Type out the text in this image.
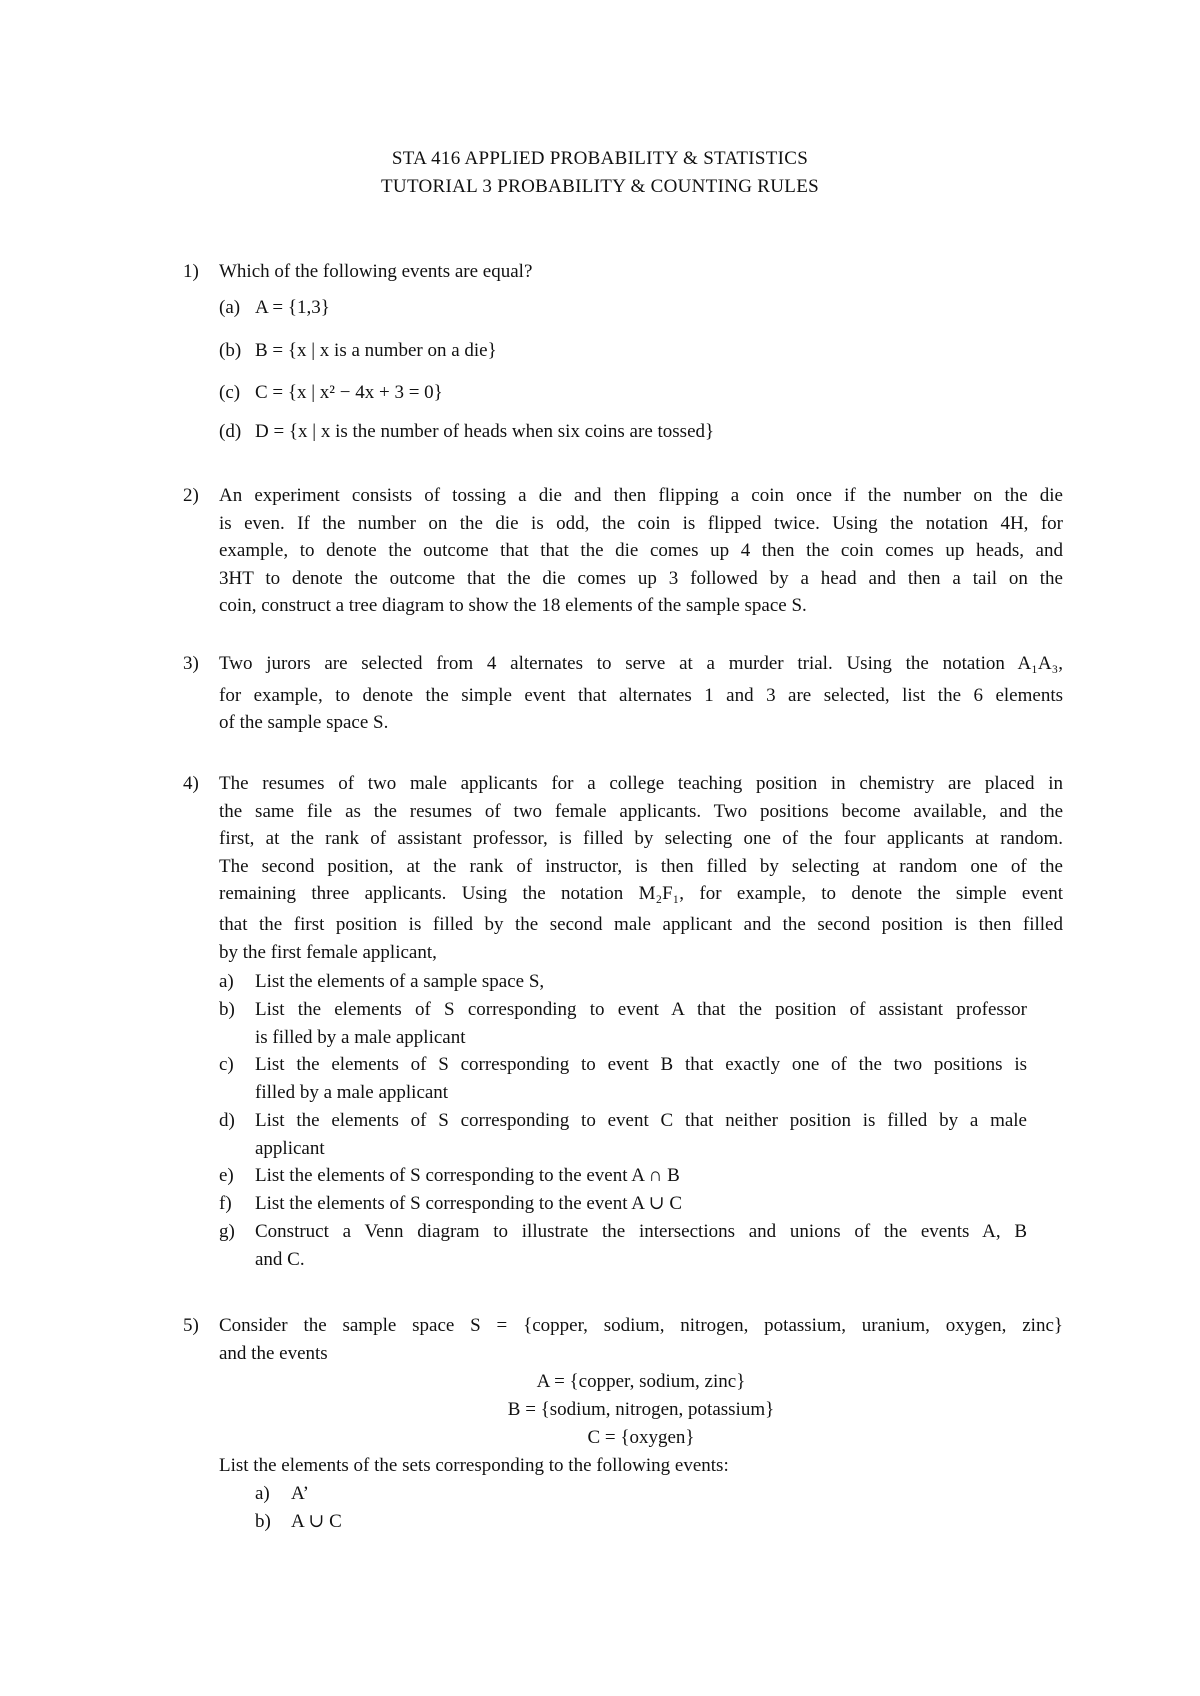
STA 416 APPLIED PROBABILITY & STATISTICS
TUTORIAL 3 PROBABILITY & COUNTING RULES
1) Which of the following events are equal?
(a) A = {1,3}
(b) B = {x | x is a number on a die}
(c) C = {x | x² − 4x + 3 = 0}
(d) D = {x | x is the number of heads when six coins are tossed}
2) An experiment consists of tossing a die and then flipping a coin once if the number on the die
is even. If the number on the die is odd, the coin is flipped twice. Using the notation 4H, for
example, to denote the outcome that that the die comes up 4 then the coin comes up heads, and
3HT to denote the outcome that the die comes up 3 followed by a head and then a tail on the
coin, construct a tree diagram to show the 18 elements of the sample space S.
3) Two jurors are selected from 4 alternates to serve at a murder trial. Using the notation A₁A₃,
for example, to denote the simple event that alternates 1 and 3 are selected, list the 6 elements
of the sample space S.
4) The resumes of two male applicants for a college teaching position in chemistry are placed in
the same file as the resumes of two female applicants. Two positions become available, and the
first, at the rank of assistant professor, is filled by selecting one of the four applicants at random.
The second position, at the rank of instructor, is then filled by selecting at random one of the
remaining three applicants. Using the notation M₂F₁, for example, to denote the simple event
that the first position is filled by the second male applicant and the second position is then filled
by the first female applicant,
a) List the elements of a sample space S,
b) List the elements of S corresponding to event A that the position of assistant professor
is filled by a male applicant
c) List the elements of S corresponding to event B that exactly one of the two positions is
filled by a male applicant
d) List the elements of S corresponding to event C that neither position is filled by a male
applicant
e) List the elements of S corresponding to the event A ∩ B
f) List the elements of S corresponding to the event A ∪ C
g) Construct a Venn diagram to illustrate the intersections and unions of the events A, B
and C.
5) Consider the sample space S = {copper, sodium, nitrogen, potassium, uranium, oxygen, zinc}
and the events
A = {copper, sodium, zinc}
B = {sodium, nitrogen, potassium}
C = {oxygen}
List the elements of the sets corresponding to the following events:
a) A’
b) A ∪ C
